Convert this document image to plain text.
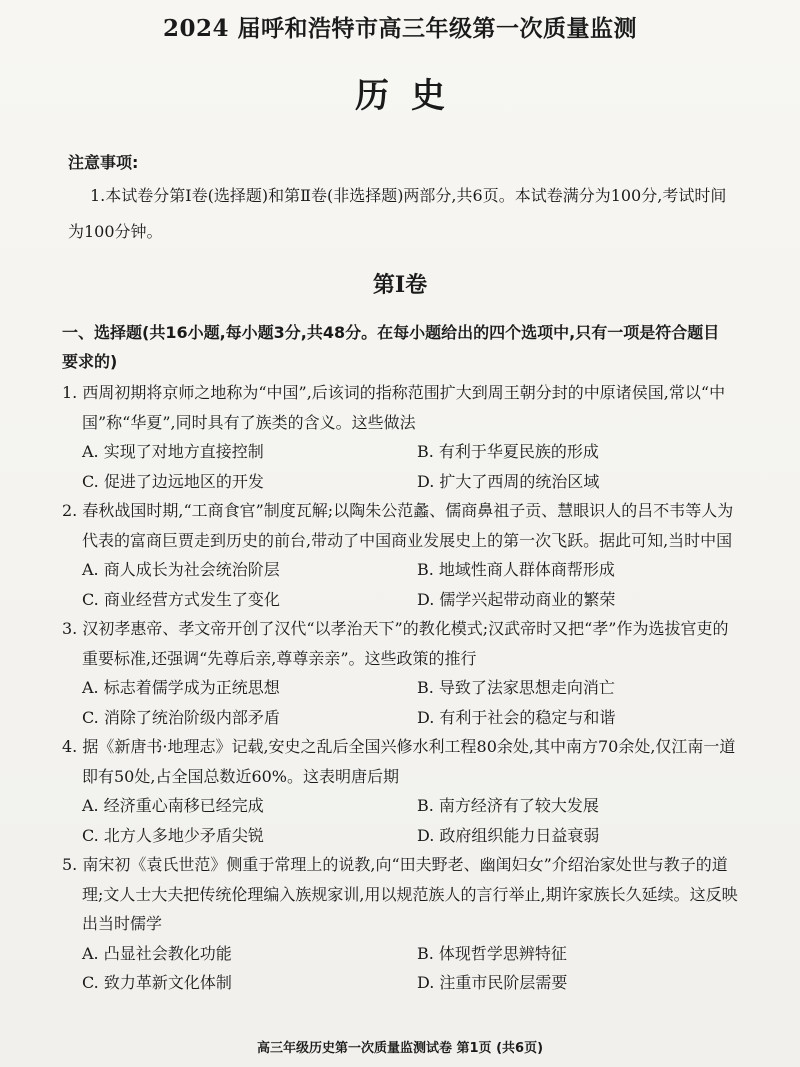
2024 届呼和浩特市高三年级第一次质量监测
历史
注意事项:
1.本试卷分第Ⅰ卷(选择题)和第Ⅱ卷(非选择题)两部分,共6页。本试卷满分为100分,考试时间为100分钟。
第Ⅰ卷
一、选择题(共16小题,每小题3分,共48分。在每小题给出的四个选项中,只有一项是符合题目要求的)
1. 西周初期将京师之地称为“中国”,后该词的指称范围扩大到周王朝分封的中原诸侯国,常以“中国”称“华夏”,同时具有了族类的含义。这些做法
A. 实现了对地方直接控制	B. 有利于华夏民族的形成
C. 促进了边远地区的开发	D. 扩大了西周的统治区域
2. 春秋战国时期,“工商食官”制度瓦解;以陶朱公范蠡、儒商鼻祖子贡、慧眼识人的吕不韦等人为代表的富商巨贾走到历史的前台,带动了中国商业发展史上的第一次飞跃。据此可知,当时中国
A. 商人成长为社会统治阶层	B. 地域性商人群体商帮形成
C. 商业经营方式发生了变化	D. 儒学兴起带动商业的繁荣
3. 汉初孝惠帝、孝文帝开创了汉代“以孝治天下”的教化模式;汉武帝时又把“孝”作为选拔官吏的重要标准,还强调“先尊后亲,尊尊亲亲”。这些政策的推行
A. 标志着儒学成为正统思想	B. 导致了法家思想走向消亡
C. 消除了统治阶级内部矛盾	D. 有利于社会的稳定与和谐
4. 据《新唐书·地理志》记载,安史之乱后全国兴修水利工程80余处,其中南方70余处,仅江南一道即有50处,占全国总数近60%。这表明唐后期
A. 经济重心南移已经完成	B. 南方经济有了较大发展
C. 北方人多地少矛盾尖锐	D. 政府组织能力日益衰弱
5. 南宋初《袁氏世范》侧重于常理上的说教,向“田夫野老、幽闺妇女”介绍治家处世与教子的道理;文人士大夫把传统伦理编入族规家训,用以规范族人的言行举止,期许家族长久延续。这反映出当时儒学
A. 凸显社会教化功能	B. 体现哲学思辨特征
C. 致力革新文化体制	D. 注重市民阶层需要
高三年级历史第一次质量监测试卷 第1页 (共6页)
